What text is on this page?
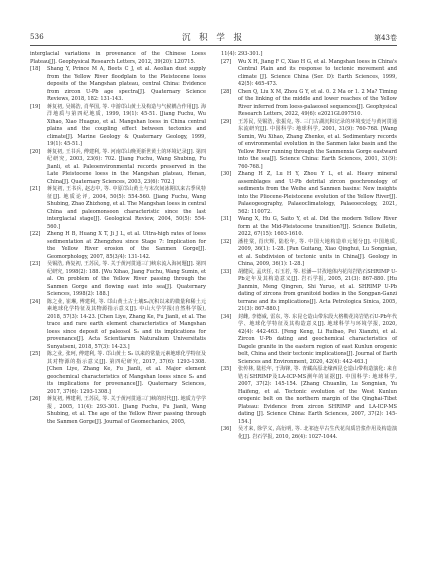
536	沉 积 学 报	第43卷

interglacial variations in provenance of the Chinese Loess Plateau[J]. Geophysical Research Letters, 2012, 39(20): L20715.

[18] Shang Y, Prince M A, Beets C J, et al. Aeolian dust supply from the Yellow River floodplain to the Pleistocene loess deposits of the Mangshan plateau, central China: Evidence from zircon U-Pb age spectra[J]. Quaternary Science Reviews, 2018, 182: 131-143.

[19] 蒋复初, 吴锡浩, 肖华国, 等. 中游邙山黄土及构造与气候耦合作用[J]. 海洋地质与第四纪地质, 1999, 19(1): 45-51. [Jiang Fuchu, Wu Xihao, Xiao Huaguo, et al. Mangshan loess in China central plains and the coupling effect between tectonics and climate[J]. Marine Geology & Quaternary Geology, 1999, 19(1): 45-51.]

[20] 蒋复初, 王书兵, 傅建利, 等. 河南邙山晚更新世黄土的环境记录[J]. 第四纪研究, 2003, 23(6): 702. [Jiang Fuchu, Wang Shubing, Fu Jianli, et al. Paleoenvironmental records preserved in the Late Pleistocene loess in the Mangshan plateau, Henan, China[J]. Quaternary Sciences, 2003, 23(6): 702.]

[21] 蒋复初, 王书兵, 赵志中, 等. 中原邙山黄土与末次间冰期以来古季风特征[J]. 地质论评, 2004, 50(5): 554-560. [Jiang Fuchu, Wang Shubing, Zhao Zhizhong, et al. The Mangshan loess in central China and paleomonsoon characteristic since the last interglacial stage[J]. Geological Review, 2004, 50(5): 554-560.]

[22] Zheng H B, Huang X T, Ji J L, et al. Ultra-high rates of loess sedimentation at Zhengzhou since Stage 7: Implication for the Yellow River erosion of the Sanmen Gorge[J]. Geomorphology, 2007, 85(3/4): 131-142.

[23] 吴锡浩, 蒋复初, 王苏民, 等. 关于黄河贯通三门峡东流入海问题[J]. 第四纪研究, 1998(2): 188. [Wu Xihao, Jiang Fuchu, Wang Sumin, et al. On problem of the Yellow River passing through the Sanmen Gorge and flowing east into sea[J]. Quaternary Sciences, 1998(2): 188.]

[24] 陈之业, 崔琳, 傅建利, 等. 邙山黄土古土壤S₂沉积以来的微量和稀土元素地球化学特征及其物源指示意义[J]. 中山大学学报(自然科学版), 2018, 57(3): 14-23. [Chen Liye, Zhang Ke, Fu Jianli, et al. The trace and rare earth element characteristics of Mangshan loess since deposit of paleosol S₂ and its implications for provenance[J]. Acta Scientiarum Naturalium Universitatis Sunyatseni, 2018, 57(3): 14-23.]

[25] 陈之业, 张珂, 傅建利, 等. 邙山黄土 S₂ 以来的常量元素地球化学特征及其对物源的指示意义[J]. 第四纪研究, 2017, 37(6): 1293-1308. [Chen Liye, Zhang Ke, Fu Jianli, et al. Major element geochemical characteristics of Mangshan loess since S₂ and its implications for provenance[J]. Quaternary Sciences, 2017, 37(6): 1293-1308.]

[26] 蒋复初, 傅建利, 王苏民, 等. 关于黄河贯通三门峡的时代[J]. 地质力学学报, 2005, 11(4): 293-301. [Jiang Fuchu, Fu Jianli, Wang Shubing, et al. The age of the Yellow River passing through the Sanmen Gorge[J]. Journal of Geomechanics, 2005,

11(4): 293-301.]

[27] Wu X H, Jiang F C, Xiao H G, et al. Mangshan loess in China's Central Plain and its response to tectonic movement and climate [J]. Science China (Ser. D): Earth Sciences, 1999, 42(5): 465-473.

[28] Chen Q, Liu X M, Zhou G Y, et al. 0. 2 Ma or 1. 2 Ma? Timing of the linking of the middle and lower reaches of the Yellow River inferred from loess-palaeosol sequences[J]. Geophysical Research Letters, 2022, 49(6): e2021GL097510.

[29] 王苏民, 吴锡浩, 张振克, 等. 三门古湖沉积记录的环境变迁与黄河贯通东流研究[J]. 中国科学: 地球科学, 2001, 31(9): 760-768. [Wang Sumin, Wu Xihao, Zhang Zhenke, et al. Sedimentary records of environmental evolution in the Sanmen lake basin and the Yellow River running through the Sanmenxia Gorge eastward into the sea[J]. Science China: Earth Sciences, 2001, 31(9): 760-768.]

[30] Zhang H Z, Lu H Y, Zhou Y L, et al. Heavy mineral assemblages and U-Pb detrital zircon geochronology of sediments from the Weihe and Sanmen basins: New insights into the Pliocene-Pleistocene evolution of the Yellow River[J]. Palaeogeography, Palaeoclimatology, Palaeoecology, 2021, 562: 110072.

[31] Wang X, Hu G, Saito Y, et al. Did the modern Yellow River form at the Mid-Pleistocene transition?[J]. Science Bulletin, 2022, 67(15): 1603-1610.

[32] 潘桂棠, 肖庆辉, 陆松年, 等. 中国大地构造单元划分[J]. 中国地质, 2009, 36(1): 1-28. [Pan Guitang, Xiao Qinghui, Lu Songnian, et al. Subdivision of tectonic units in China[J]. Geology in China, 2009, 36(1): 1-28.]

[33] 胡健民, 孟庆任, 石玉若, 等. 松潘—甘孜地体内花岗岩锆石SHRIMP U-Pb定年及其构造意义[J]. 岩石学报, 2005, 21(3): 867-880. [Hu Jianmin, Meng Qingren, Shi Yuruo, et al. SHRIMP U-Pb dating of zircons from granitoid bodies in the Songpan-Ganzi terrane and its implications[J]. Acta Petrologica Sinica, 2005, 21(3): 867-880.]

[34] 封雌, 李德威, 雷东, 等. 东昆仑造山带东段大格勒花岗岩锆石U-Pb年代学、地球化学特征及其构造意义[J]. 地球科学与环境学报, 2020, 42(4): 442-463. [Feng Keng, Li Ruibao, Pei Xianzhi, et al. Zircon U-Pb dating and geochemical characteristics of Dagele granite in the eastern region of east Kunlun orogenic belt, China and their tectonic implications[J]. Journal of Earth Sciences and Environment, 2020, 42(4): 442-463.]

[35] 张传林, 陆松年, 于海锋, 等. 青藏高原北缘西昆仑造山带构造演化: 来自锆石SHRIMP及LA-ICP-MS测年的证据[J]. 中国科学: 地球科学, 2007, 37(2): 145-154. [Zhang Chuanlin, Lu Songnian, Yu Haifeng, et al. Tectonic evolution of the West Kunlun orogenic belt on the northern margin of the Qinghai-Tibet Plateau: Evidence from zircon SHRIMP and LA-ICP-MS dating [J]. Science China: Earth Sciences, 2007, 37(2): 145-154.]

[36] 吴才来, 徐学义, 高衍明, 等. 北祁连早古生代花岗质岩浆作用及构造演化[J]. 岩石学报, 2010, 26(4): 1027-1044.
